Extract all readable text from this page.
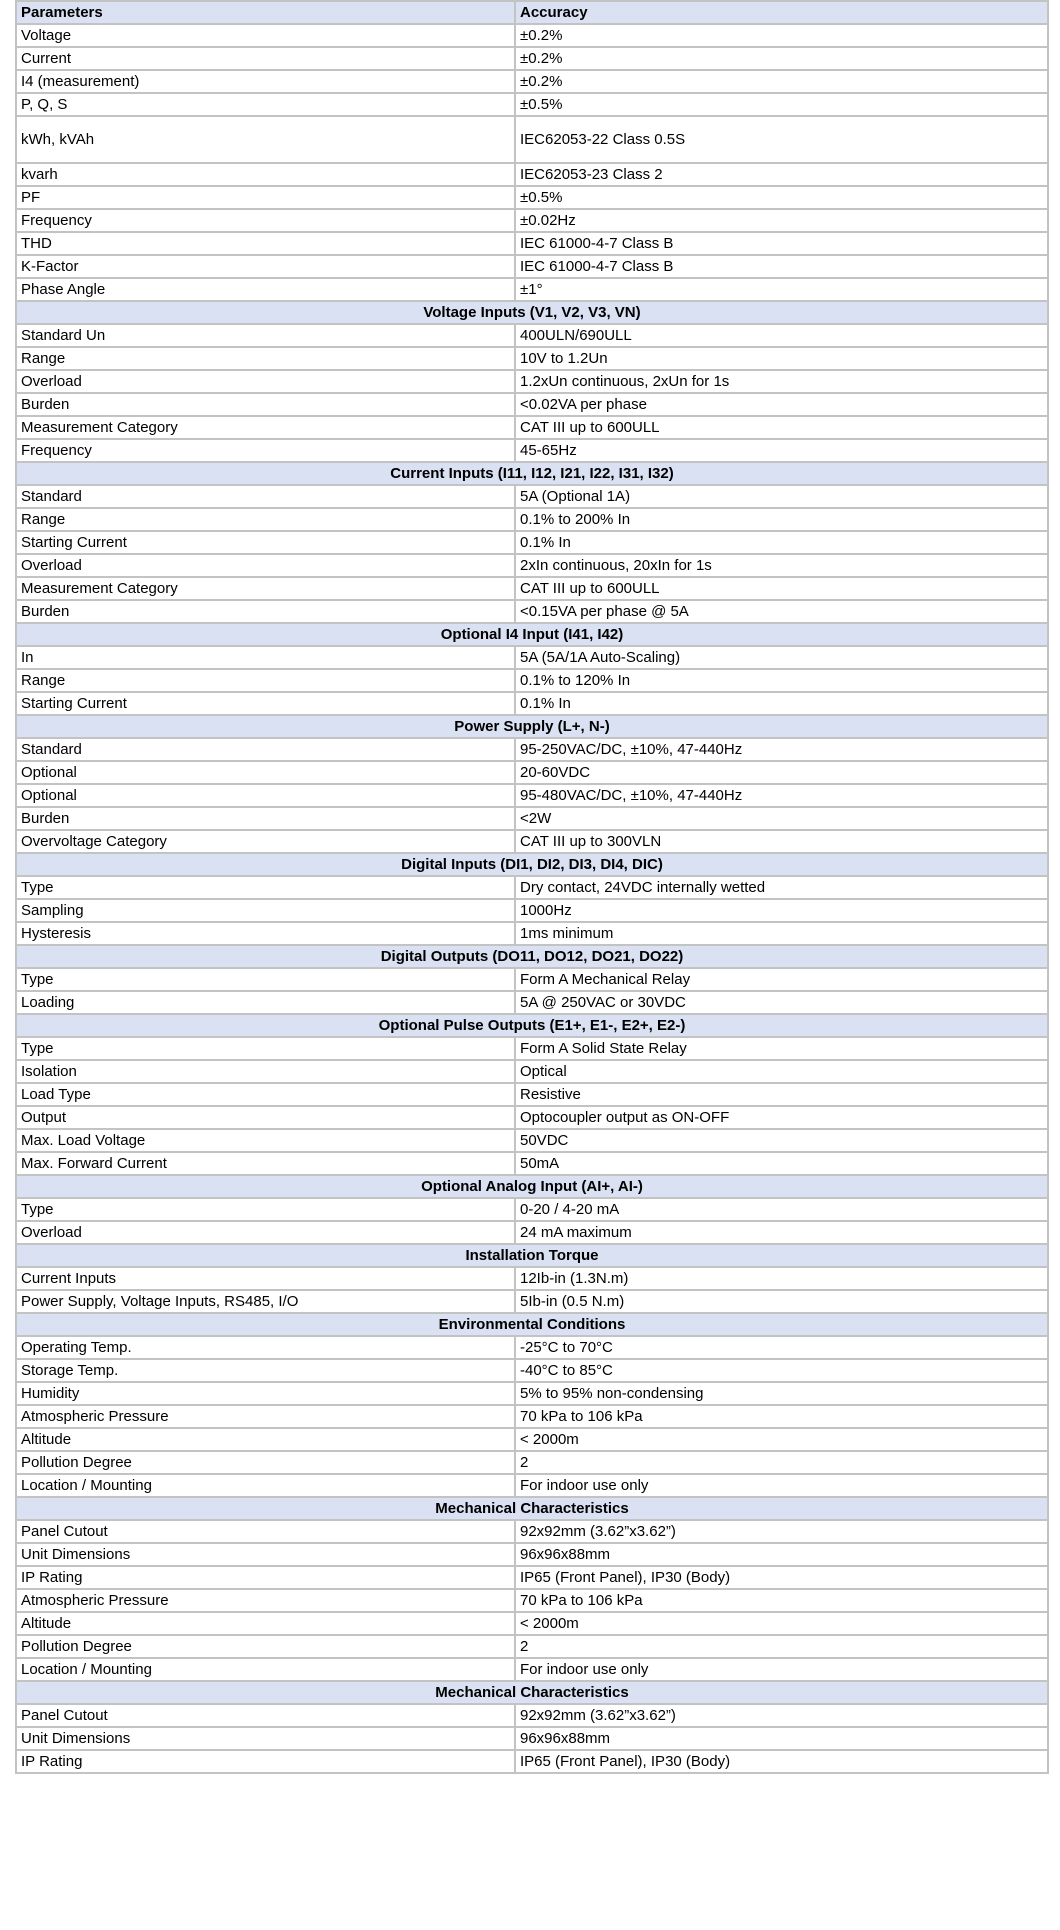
Parameters	Accuracy
Voltage	±0.2%
Current	±0.2%
I4 (measurement)	±0.2%
P, Q, S	±0.5%
kWh, kVAh	IEC62053-22 Class 0.5S
kvarh	IEC62053-23 Class 2
PF	±0.5%
Frequency	±0.02Hz
THD	IEC 61000-4-7 Class B
K-Factor	IEC 61000-4-7 Class B
Phase Angle	±1°
Voltage Inputs (V1, V2, V3, VN)	
Standard Un	400ULN/690ULL
Range	10V to 1.2Un
Overload	1.2xUn continuous, 2xUn for 1s
Burden	<0.02VA per phase
Measurement Category	CAT III up to 600ULL
Frequency	45-65Hz
Current Inputs (I11, I12, I21, I22, I31, I32)	
Standard	5A (Optional 1A)
Range	0.1% to 200% In
Starting Current	0.1% In
Overload	2xIn continuous, 20xIn for 1s
Measurement Category	CAT III up to 600ULL
Burden	<0.15VA per phase @ 5A
Optional I4 Input (I41, I42)	
In	5A (5A/1A Auto-Scaling)
Range	0.1% to 120% In
Starting Current	0.1% In
Power Supply (L+, N-)	
Standard	95-250VAC/DC, ±10%, 47-440Hz
Optional	20-60VDC
Optional	95-480VAC/DC, ±10%, 47-440Hz
Burden	<2W
Overvoltage Category	CAT III up to 300VLN
Digital Inputs (DI1, DI2, DI3, DI4, DIC)	
Type	Dry contact, 24VDC internally wetted
Sampling	1000Hz
Hysteresis	1ms minimum
Digital Outputs (DO11, DO12, DO21, DO22)	
Type	Form A Mechanical Relay
Loading	5A @ 250VAC or 30VDC
Optional Pulse Outputs (E1+, E1-, E2+, E2-)	
Type	Form A Solid State Relay
Isolation	Optical
Load Type	Resistive
Output	Optocoupler output as ON-OFF
Max. Load Voltage	50VDC
Max. Forward Current	50mA
Optional Analog Input (AI+, AI-)	
Type	0-20 / 4-20 mA
Overload	24 mA maximum
Installation Torque	
Current Inputs	12Ib-in (1.3N.m)
Power Supply, Voltage Inputs, RS485, I/O	5Ib-in (0.5 N.m)
Environmental Conditions	
Operating Temp.	-25°C to 70°C
Storage Temp.	-40°C to 85°C
Humidity	5% to 95% non-condensing
Atmospheric Pressure	70 kPa to 106 kPa
Altitude	< 2000m
Pollution Degree	2
Location / Mounting	For indoor use only
Mechanical Characteristics	
Panel Cutout	92x92mm (3.62”x3.62”)
Unit Dimensions	96x96x88mm
IP Rating	IP65 (Front Panel), IP30 (Body)
Atmospheric Pressure	70 kPa to 106 kPa
Altitude	< 2000m
Pollution Degree	2
Location / Mounting	For indoor use only
Mechanical Characteristics	
Panel Cutout	92x92mm (3.62”x3.62”)
Unit Dimensions	96x96x88mm
IP Rating	IP65 (Front Panel), IP30 (Body)
